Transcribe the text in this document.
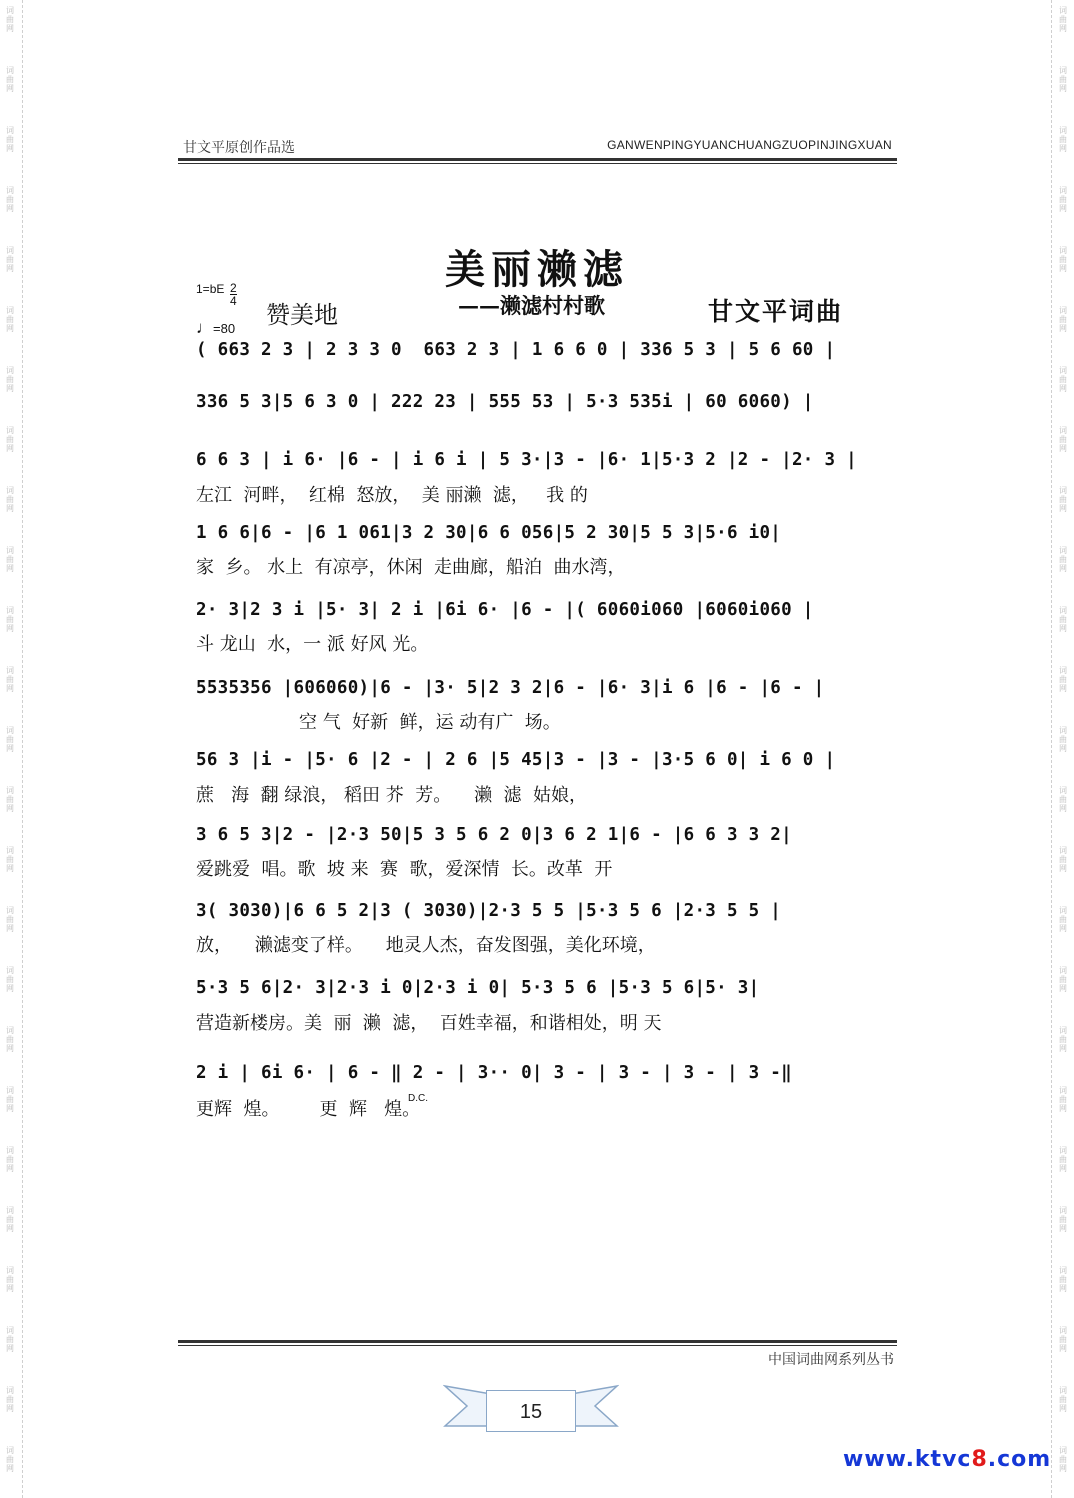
词
曲
网
词
曲
网
词
曲
网
词
曲
网
词
曲
网
词
曲
网
词
曲
网
词
曲
网
词
曲
网
词
曲
网
词
曲
网
词
曲
网
词
曲
网
词
曲
网
词
曲
网
词
曲
网
词
曲
网
词
曲
网
词
曲
网
词
曲
网
词
曲
网
词
曲
网
词
曲
网
词
曲
网
词
曲
网
词
曲
网
词
曲
网
词
曲
网
词
曲
网
词
曲
网
词
曲
网
词
曲
网
词
曲
网
词
曲
网
词
曲
网
词
曲
网
词
曲
网
词
曲
网
词
曲
网
词
曲
网
词
曲
网
词
曲
网
词
曲
网
词
曲
网
词
曲
网
词
曲
网
词
曲
网
词
曲
网
词
曲
网
词
曲
网
甘文平原创作品选	GANWENPINGYUANCHUANGZUOPINJINGXUAN
美丽濑滤
$1=bE \frac{2}{4}$
♩=80 赞美地	——濑滤村村歌	甘文平词曲
( 663 2 3 | 2 3 3 0  663 2 3 | 1 6 6 0 | 336 5 3 | 5 6 60 |
336 5 3|5 6 3 0 | 222 23 | 555 53 | 5·3 535i | 60 6060) |
6 6 3 | i 6· |6 - | i 6 i | 5 3·|3 - |6· 1|5·3 2 |2 - |2· 3 |
左江  河畔，  红棉  怒放，  美 丽濑  滤，   我 的
1 6 6|6 - |6 1 061|3 2 30|6 6 056|5 2 30|5 5 3|5·6 i0|
家  乡。 水上  有凉亭，休闲  走曲廊，船泊  曲水湾，
2· 3|2 3 i |5· 3| 2 i |6i 6· |6 - |( 6060i060 |6060i060 |
斗 龙山  水，一 派 好风 光。
5535356 |606060)|6 - |3· 5|2 3 2|6 - |6· 3|i 6 |6 - |6 - |
空 气  好新  鲜，运 动有广  场。
56 3 |i - |5· 6 |2 - | 2 6 |5 45|3 - |3 - |3·5 6 0| i 6 0 |
蔗   海  翻 绿浪， 稻田 芥  芳。    濑  滤  姑娘，
3 6 5 3|2 - |2·3 50|5 3 5 6 2 0|3 6 2 1|6 - |6 6 3 3 2|
爱跳爱  唱。歌  坡 来  赛  歌，爱深情  长。改革  开
3( 3030)|6 6 5 2|3 ( 3030)|2·3 5 5 |5·3 5 6 |2·3 5 5 |
放，    濑滤变了样。    地灵人杰，奋发图强，美化环境，
5·3 5 6|2· 3|2·3 i 0|2·3 i 0| 5·3 5 6 |5·3 5 6|5· 3|
营造新楼房。美  丽  濑  滤，  百姓幸福，和谐相处，明 天
2 i | 6i 6· | 6 - ‖ 2 - | 3·· 0| 3 - | 3 - | 3 - | 3 -‖
更辉  煌。       更  辉   煌。
D.C.
中国词曲网系列丛书
15
www.ktvc8.com
